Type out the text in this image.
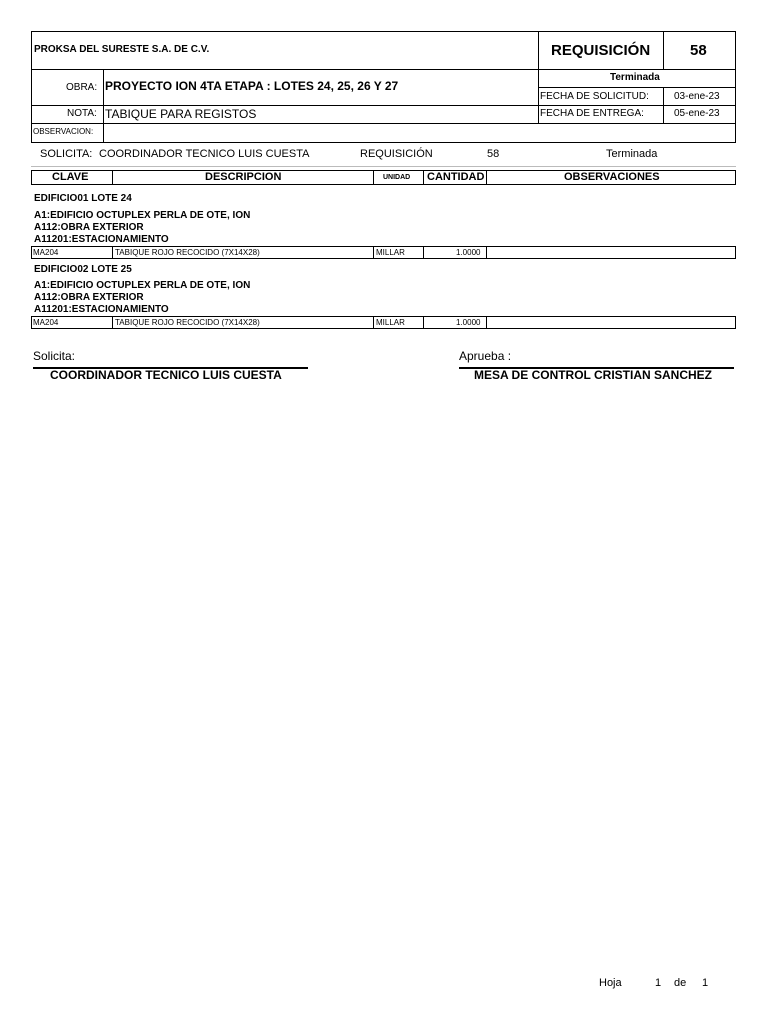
PROKSA DEL SURESTE S.A. DE C.V.	REQUISICIÓN	58
OBRA: PROYECTO ION 4TA ETAPA : LOTES 24, 25, 26 Y 27
Terminada
FECHA DE SOLICITUD:	03-ene-23
NOTA: TABIQUE PARA REGISTOS	FECHA DE ENTREGA:	05-ene-23
OBSERVACION:
SOLICITA: COORDINADOR TECNICO LUIS CUESTA	REQUISICIÓN	58	Terminada
CLAVE	DESCRIPCION	UNIDAD CANTIDAD	OBSERVACIONES
EDIFICIO01 LOTE 24
A1:EDIFICIO OCTUPLEX PERLA DE OTE, ION
A112:OBRA EXTERIOR
A11201:ESTACIONAMIENTO
MA204	TABIQUE ROJO RECOCIDO (7X14X28)	MILLAR	1.0000
EDIFICIO02 LOTE 25
A1:EDIFICIO OCTUPLEX PERLA DE OTE, ION
A112:OBRA EXTERIOR
A11201:ESTACIONAMIENTO
MA204	TABIQUE ROJO RECOCIDO (7X14X28)	MILLAR	1.0000
Solicita:
COORDINADOR TECNICO LUIS CUESTA
Aprueba :
MESA DE CONTROL CRISTIAN SANCHEZ
Hoja	1 de 1
